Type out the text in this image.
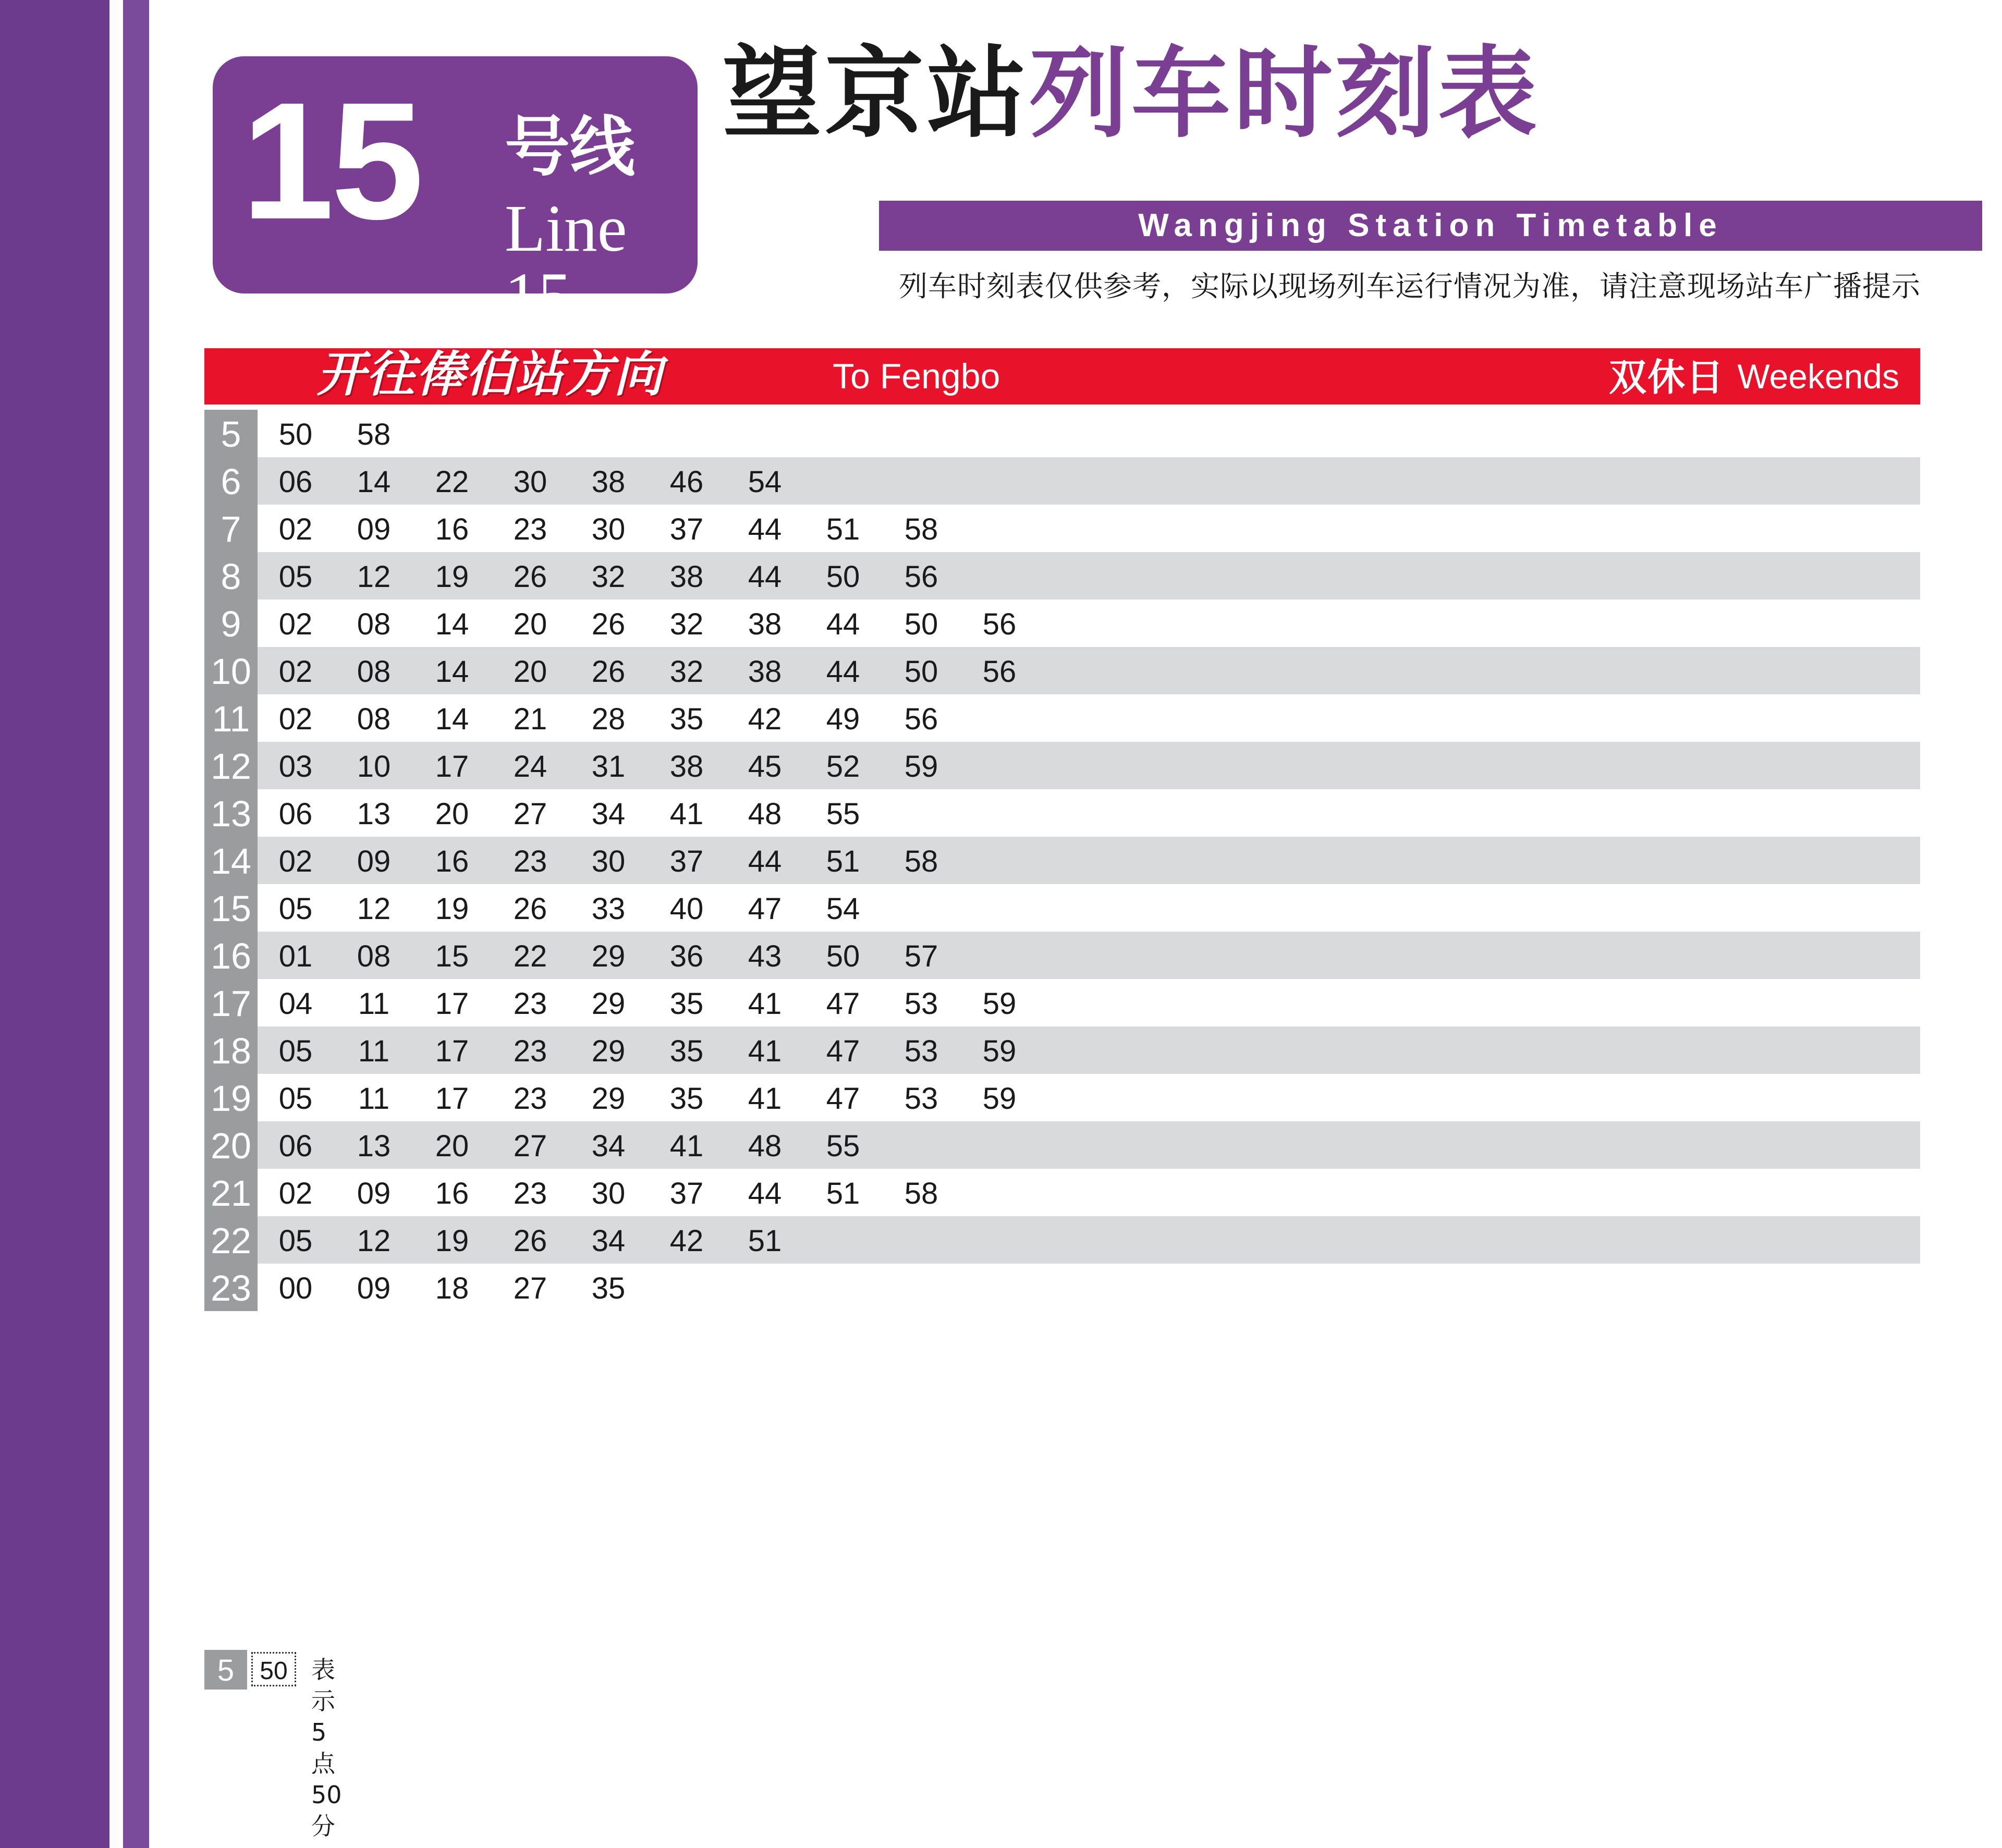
15 号线
Line 15
望京站列车时刻表
Wangjing Station Timetable
列车时刻表仅供参考，实际以现场列车运行情况为准，请注意现场站车广播提示
开往俸伯站方向	To Fengbo	双休日 Weekends
5	50	58
6	06	14	22	30	38	46	54
7	02	09	16	23	30	37	44	51	58
8	05	12	19	26	32	38	44	50	56
9	02	08	14	20	26	32	38	44	50	56
10 02	08	14	20	26	32	38	44	50	56
11 02	08	14	21	28	35	42	49	56
12 03	10	17	24	31	38	45	52	59
13 06	13	20	27	34	41	48	55
14 02	09	16	23	30	37	44	51	58
15 05	12	19	26	33	40	47	54
16 01	08	15	22	29	36	43	50	57
17 04	11	17	23	29	35	41	47	53	59
18 05	11	17	23	29	35	41	47	53	59
19 05	11	17	23	29	35	41	47	53	59
20 06	13	20	27	34	41	48	55
21 02	09	16	23	30	37	44	51	58
22 05	12	19	26	34	42	51
23 00	09	18	27	35
5	50 表示5点50分
